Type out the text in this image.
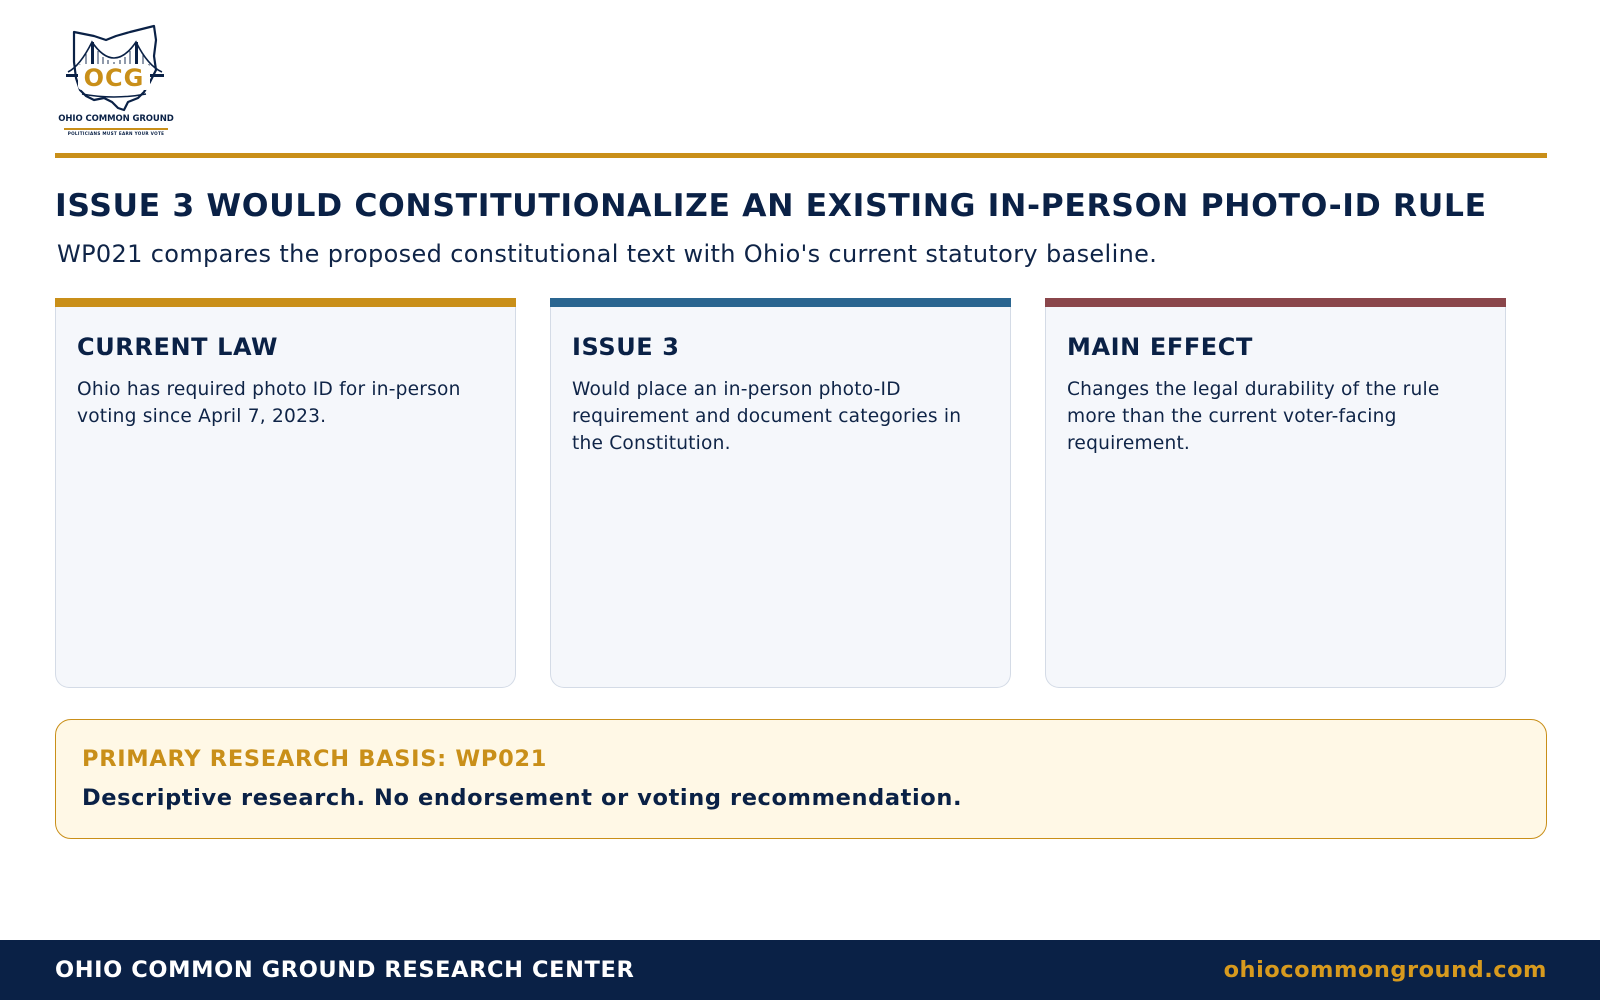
OCG
OHIO COMMON GROUND
POLITICIANS MUST EARN YOUR VOTE
ISSUE 3 WOULD CONSTITUTIONALIZE AN EXISTING IN-PERSON PHOTO-ID RULE

WP021 compares the proposed constitutional text with Ohio's current statutory baseline.

CURRENT LAW
Ohio has required photo ID for in-person voting since April 7, 2023.
ISSUE 3
Would place an in-person photo-ID requirement and document categories in the Constitution.
MAIN EFFECT
Changes the legal durability of the rule more than the current voter-facing requirement.
PRIMARY RESEARCH BASIS: WP021
Descriptive research. No endorsement or voting recommendation.
OHIO COMMON GROUND RESEARCH CENTER	ohiocommonground.com
